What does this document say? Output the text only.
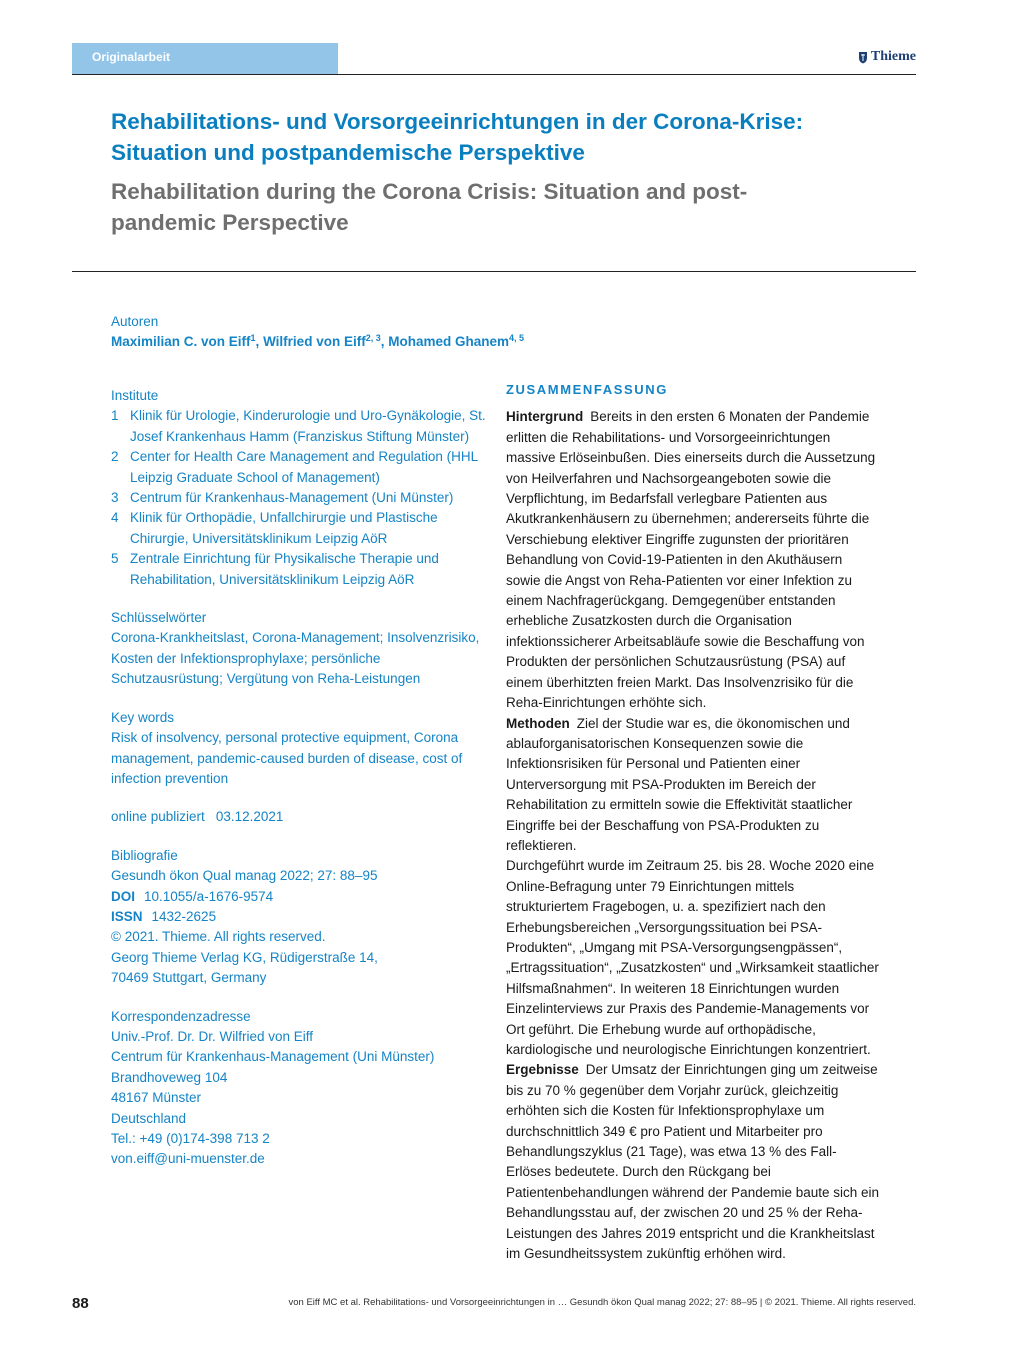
Originalarbeit	Thieme
Rehabilitations- und Vorsorgeeinrichtungen in der Corona-Krise: Situation und postpandemische Perspektive
Rehabilitation during the Corona Crisis: Situation and post-pandemic Perspective
Autoren
Maximilian C. von Eiff$^1$, Wilfried von Eiff$^{2, 3}$, Mohamed Ghanem$^{4, 5}$
Institute
1 Klinik für Urologie, Kinderurologie und Uro-Gynäkologie, St. Josef Krankenhaus Hamm (Franziskus Stiftung Münster)
2 Center for Health Care Management and Regulation (HHL Leipzig Graduate School of Management)
3 Centrum für Krankenhaus-Management (Uni Münster)
4 Klinik für Orthopädie, Unfallchirurgie und Plastische Chirurgie, Universitätsklinikum Leipzig AöR
5 Zentrale Einrichtung für Physikalische Therapie und Rehabilitation, Universitätsklinikum Leipzig AöR
Schlüsselwörter
Corona-Krankheitslast, Corona-Management; Insolvenzrisiko, Kosten der Infektionsprophylaxe; persönliche Schutzausrüstung; Vergütung von Reha-Leistungen
Key words
Risk of insolvency, personal protective equipment, Corona management, pandemic-caused burden of disease, cost of infection prevention
online publiziert 03.12.2021
Bibliografie
Gesundh ökon Qual manag 2022; 27: 88–95
DOI 10.1055/a-1676-9574
ISSN 1432-2625
© 2021. Thieme. All rights reserved.
Georg Thieme Verlag KG, Rüdigerstraße 14,
70469 Stuttgart, Germany
Korrespondenzadresse
Univ.-Prof. Dr. Dr. Wilfried von Eiff
Centrum für Krankenhaus-Management (Uni Münster)
Brandhoveweg 104
48167 Münster
Deutschland
Tel.: +49 (0)174-398 713 2
von.eiff@uni-muenster.de
ZUSAMMENFASSUNG

Hintergrund Bereits in den ersten 6 Monaten der Pandemie erlitten die Rehabilitations- und Vorsorgeeinrichtungen massive Erlöseinbußen. Dies einerseits durch die Aussetzung von Heilverfahren und Nachsorgeangeboten sowie die Verpflichtung, im Bedarfsfall verlegbare Patienten aus Akutkrankenhäusern zu übernehmen; andererseits führte die Verschiebung elektiver Eingriffe zugunsten der prioritären Behandlung von Covid-19-Patienten in den Akuthäusern sowie die Angst von Reha-Patienten vor einer Infektion zu einem Nachfragerückgang. Demgegenüber entstanden erhebliche Zusatzkosten durch die Organisation infektionssicherer Arbeitsabläufe sowie die Beschaffung von Produkten der persönlichen Schutzausrüstung (PSA) auf einem überhitzten freien Markt. Das Insolvenzrisiko für die Reha-Einrichtungen erhöhte sich.

Methoden Ziel der Studie war es, die ökonomischen und ablauforganisatorischen Konsequenzen sowie die Infektionsrisiken für Personal und Patienten einer Unterversorgung mit PSA-Produkten im Bereich der Rehabilitation zu ermitteln sowie die Effektivität staatlicher Eingriffe bei der Beschaffung von PSA-Produkten zu reflektieren.

Durchgeführt wurde im Zeitraum 25. bis 28. Woche 2020 eine Online-Befragung unter 79 Einrichtungen mittels strukturiertem Fragebogen, u. a. spezifiziert nach den Erhebungsbereichen „Versorgungssituation bei PSA-Produkten“, „Umgang mit PSA-Versorgungsengpässen“, „Ertragssituation“, „Zusatzkosten“ und „Wirksamkeit staatlicher Hilfsmaßnahmen“. In weiteren 18 Einrichtungen wurden Einzelinterviews zur Praxis des Pandemie-Managements vor Ort geführt. Die Erhebung wurde auf orthopädische, kardiologische und neurologische Einrichtungen konzentriert.

Ergebnisse Der Umsatz der Einrichtungen ging um zeitweise bis zu 70 % gegenüber dem Vorjahr zurück, gleichzeitig erhöhten sich die Kosten für Infektionsprophylaxe um durchschnittlich 349 € pro Patient und Mitarbeiter pro Behandlungszyklus (21 Tage), was etwa 13 % des Fall-Erlöses bedeutete. Durch den Rückgang bei Patientenbehandlungen während der Pandemie baute sich ein Behandlungsstau auf, der zwischen 20 und 25 % der Reha-Leistungen des Jahres 2019 entspricht und die Krankheitslast im Gesundheitssystem zukünftig erhöhen wird.

88	von Eiff MC et al. Rehabilitations- und Vorsorgeeinrichtungen in … Gesundh ökon Qual manag 2022; 27: 88–95 | © 2021. Thieme. All rights reserved.
